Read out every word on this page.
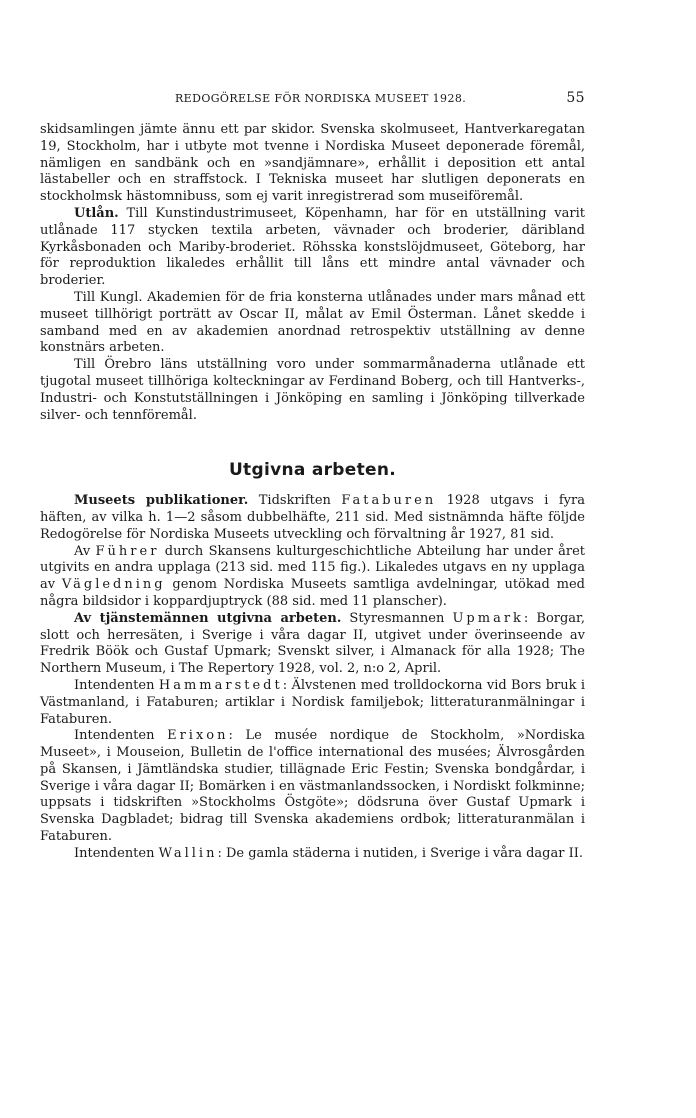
REDOGÖRELSE FÖR NORDISKA MUSEET 1928.	55

skidsamlingen jämte ännu ett par skidor. Svenska skolmuseet, Hantverkaregatan 19, Stockholm, har i utbyte mot tvenne i Nordiska Museet deponerade föremål, nämligen en sandbänk och en »sandjämnare», erhållit i deposition ett antal lästabeller och en straffstock. I Tekniska museet har slutligen deponerats en stockholmsk hästomnibuss, som ej varit inregistrerad som museiföremål.

Utlån. Till Kunstindustrimuseet, Köpenhamn, har för en utställning varit utlånade 117 stycken textila arbeten, vävnader och broderier, däribland Kyrkåsbonaden och Mariby-broderiet. Röhsska konstslöjdmuseet, Göteborg, har för reproduktion likaledes erhållit till låns ett mindre antal vävnader och broderier.

Till Kungl. Akademien för de fria konsterna utlånades under mars månad ett museet tillhörigt porträtt av Oscar II, målat av Emil Österman. Lånet skedde i samband med en av akademien anordnad retrospektiv utställning av denne konstnärs arbeten.

Till Örebro läns utställning voro under sommarmånaderna utlånade ett tjugotal museet tillhöriga kolteckningar av Ferdinand Boberg, och till Hantverks-, Industri- och Konstutställningen i Jönköping en samling i Jönköping tillverkade silver- och tennföremål.

Utgivna arbeten.

Museets publikationer. Tidskriften Fataburen 1928 utgavs i fyra häften, av vilka h. 1—2 såsom dubbelhäfte, 211 sid. Med sistnämnda häfte följde Redogörelse för Nordiska Museets utveckling och förvaltning år 1927, 81 sid.

Av Führer durch Skansens kulturgeschichtliche Abteilung har under året utgivits en andra upplaga (213 sid. med 115 fig.). Likaledes utgavs en ny upplaga av Vägledning genom Nordiska Museets samtliga avdelningar, utökad med några bildsidor i koppardjuptryck (88 sid. med 11 planscher).

Av tjänstemännen utgivna arbeten. Styresmannen Upmark: Borgar, slott och herresäten, i Sverige i våra dagar II, utgivet under överinseende av Fredrik Böök och Gustaf Upmark; Svenskt silver, i Almanack för alla 1928; The Northern Museum, i The Repertory 1928, vol. 2, n:o 2, April.

Intendenten Hammarstedt: Älvstenen med trolldockorna vid Bors bruk i Västmanland, i Fataburen; artiklar i Nordisk familjebok; litteraturanmälningar i Fataburen.

Intendenten Erixon: Le musée nordique de Stockholm, »Nordiska Museet», i Mouseion, Bulletin de l'office international des musées; Älvrosgården på Skansen, i Jämtländska studier, tillägnade Eric Festin; Svenska bondgårdar, i Sverige i våra dagar II; Bomärken i en västmanlandssocken, i Nordiskt folkminne; uppsats i tidskriften »Stockholms Östgöte»; dödsruna över Gustaf Upmark i Svenska Dagbladet; bidrag till Svenska akademiens ordbok; litteraturanmälan i Fataburen.

Intendenten Wallin: De gamla städerna i nutiden, i Sverige i våra dagar II.
